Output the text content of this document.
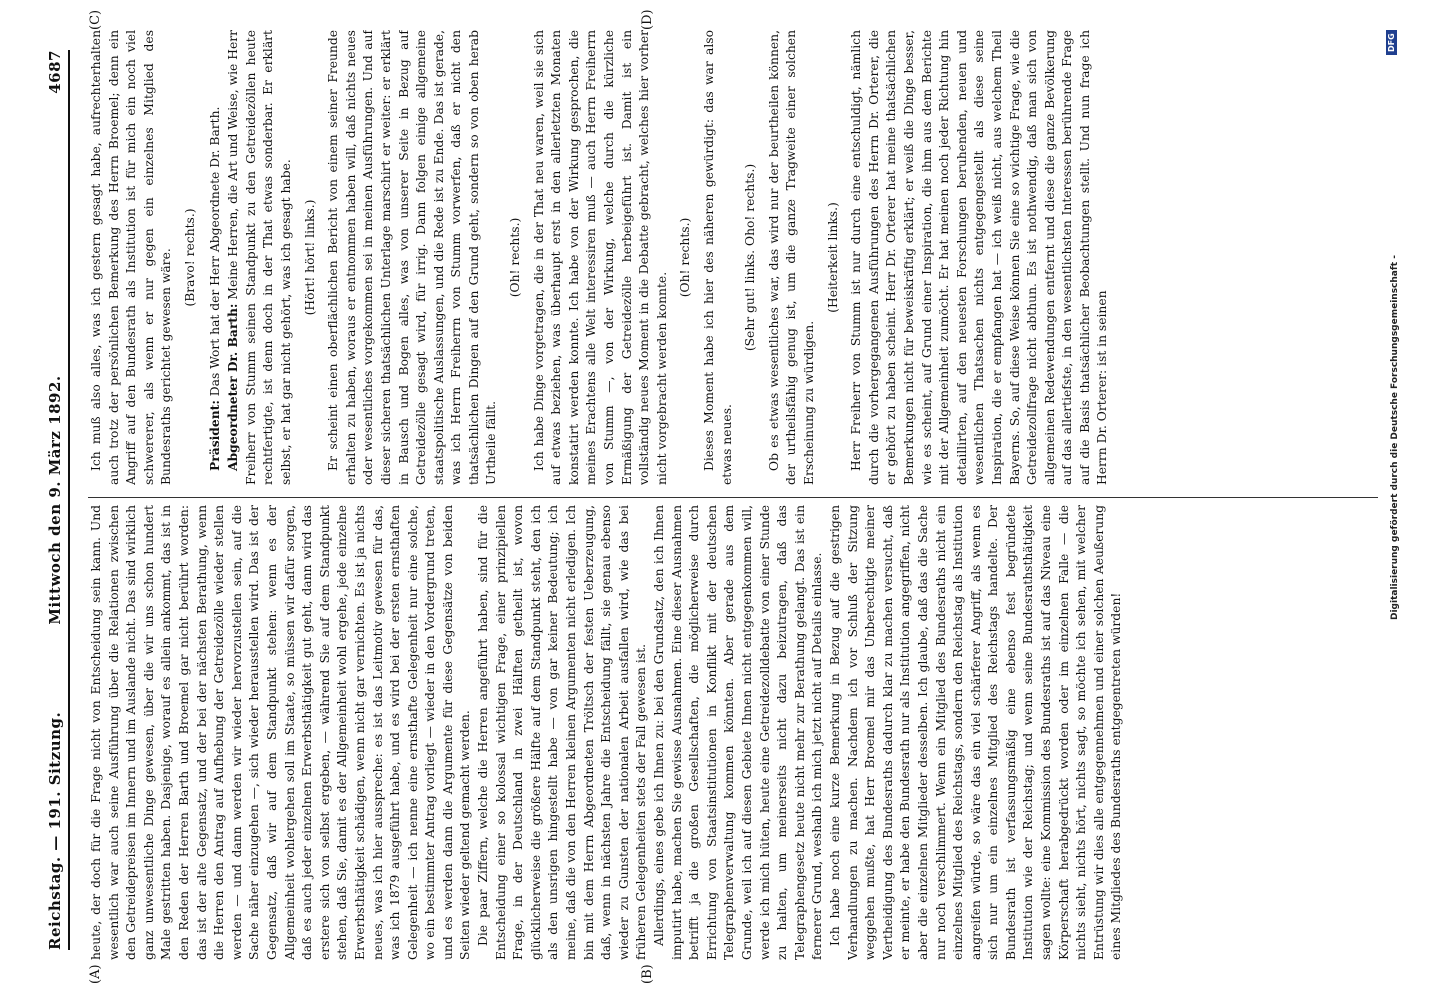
Reichstag. — 191. Sitzung.
Mittwoch den 9. März 1892.
4687
(A)	(B)
(C)	(D)

heute, der doch für die Frage nicht von Entscheidung sein kann. Und wesentlich war auch seine Ausführung über die Relationen zwischen den Getreidepreisen im Innern und im Auslande nicht. Das sind wirklich ganz unwesentliche Dinge gewesen, über die wir uns schon hundert Male gestritten haben. Dasjenige, worauf es allein ankommt, das ist in den Reden der Herren Barth und Broemel gar nicht berührt worden: das ist der alte Gegensatz, und der bei der nächsten Berathung, wenn die Herren den Antrag auf Aufhebung der Getreidezölle wieder stellen werden — und dann werden wir wieder hervorzustellen sein, auf die Sache näher einzugehen —, sich wieder herausstellen wird. Das ist der Gegensatz, daß wir auf dem Standpunkt stehen: wenn es der Allgemeinheit wohlergehen soll im Staate, so müssen wir dafür sorgen, daß es auch jeder einzelnen Erwerbsthätigkeit gut geht, dann wird das erstere sich von selbst ergeben, — während Sie auf dem Standpunkt stehen, daß Sie, damit es der Allgemeinheit wohl ergehe, jede einzelne Erwerbsthätigkeit schädigen, wenn nicht gar vernichten. Es ist ja nichts neues, was ich hier ausspreche: es ist das Leitmotiv gewesen für das, was ich 1879 ausgeführt habe, und es wird bei der ersten ernsthaften Gelegenheit — ich nenne eine ernsthafte Gelegenheit nur eine solche, wo ein bestimmter Antrag vorliegt — wieder in den Vordergrund treten, und es werden dann die Argumente für diese Gegensätze von beiden Seiten wieder geltend gemacht werden. Die paar Ziffern, welche die Herren angeführt haben, sind für die Entscheidung einer so kolossal wichtigen Frage, einer prinzipiellen Frage, in der Deutschland in zwei Hälften getheilt ist, wovon glücklicherweise die größere Hälfte auf dem Standpunkt steht, den ich als den unsrigen hingestellt habe — von gar keiner Bedeutung; ich meine, daß die von den Herren kleinen Argumenten nicht erledigen. Ich bin mit dem Herrn Abgeordneten Tröltsch der festen Ueberzeugung, daß, wenn in nächsten Jahre die Entscheidung fällt, sie genau ebenso wieder zu Gunsten der nationalen Arbeit ausfallen wird, wie das bei früheren Gelegenheiten stets der Fall gewesen ist. Allerdings, eines gebe ich Ihnen zu: bei den Grundsatz, den ich Ihnen imputirt habe, machen Sie gewisse Ausnahmen. Eine dieser Ausnahmen betrifft ja die großen Gesellschaften, die möglicherweise durch Errichtung von Staatsinstitutionen in Konflikt mit der deutschen Telegraphenverwaltung kommen könnten. Aber gerade aus dem Grunde, weil ich auf diesen Gebiete Ihnen nicht entgegenkommen will, werde ich mich hüten, heute eine Getreidezolldebatte von einer Stunde zu halten, um meinerseits nicht dazu beizutragen, daß das Telegraphengesetz heute nicht mehr zur Berathung gelangt. Das ist ein fernerer Grund, weshalb ich mich jetzt nicht auf Details einlasse. Ich habe noch eine kurze Bemerkung in Bezug auf die gestrigen Verhandlungen zu machen. Nachdem ich vor Schluß der Sitzung weggehen mußte, hat Herr Broemel mir das Unberechtigte meiner Vertheidigung des Bundesraths dadurch klar zu machen versucht, daß er meinte, er habe den Bundesrath nur als Institution angegriffen, nicht aber die einzelnen Mitglieder desselben. Ich glaube, daß das die Sache nur noch verschlimmert. Wenn ein Mitglied des Bundesraths nicht ein einzelnes Mitglied des Reichstags, sondern den Reichstag als Institution angreifen würde, so wäre das ein viel schärferer Angriff, als wenn es sich nur um ein einzelnes Mitglied des Reichstags handelte. Der Bundesrath ist verfassungsmäßig eine ebenso fest begründete Institution wie der Reichstag; und wenn seine Bundesrathsthätigkeit sagen wollte: eine Kommission des Bundesraths ist auf das Niveau eine Körperschaft herabgedrückt worden oder im einzelnen Falle — die nichts sieht, nichts hört, nichts sagt, so möchte ich sehen, mit welcher Entrüstung wir dies alle entgegennehmen und einer solchen Aeußerung eines Mitgliedes des Bundesraths entgegentreten würden!

Ich muß also alles, was ich gestern gesagt habe, aufrechterhalten auch trotz der persönlichen Bemerkung des Herrn Broemel; denn ein Angriff auf den Bundesrath als Institution ist für mich ein noch viel schwererer, als wenn er nur gegen ein einzelnes Mitglied des Bundesraths gerichtet gewesen wäre. (Bravo! rechts.)

Präsident: Das Wort hat der Herr Abgeordnete Dr. Barth. Abgeordneter Dr. Barth: Meine Herren, die Art und Weise, wie Herr Freiherr von Stumm seinen Standpunkt zu den Getreidezöllen heute rechtfertigte, ist denn doch in der That etwas sonderbar. Er erklärt selbst, er hat gar nicht gehört, was ich gesagt habe. (Hört! hört! links.) Er scheint einen oberflächlichen Bericht von einem seiner Freunde erhalten zu haben, woraus er entnommen haben will, daß nichts neues oder wesentliches vorgekommen sei in meinen Ausführungen. Und auf dieser sicheren thatsächlichen Unterlage marschirt er weiter: er erklärt in Bausch und Bogen alles, was von unserer Seite in Bezug auf Getreidezölle gesagt wird, für irrig. Dann folgen einige allgemeine staatspolitische Auslassungen, und die Rede ist zu Ende. Das ist gerade, was ich Herrn Freiherrn von Stumm vorwerfen, daß er nicht den thatsächlichen Dingen auf den Grund geht, sondern so von oben herab Urtheile fällt.

(Oh! rechts.) Ich habe Dinge vorgetragen, die in der That neu waren, weil sie sich auf etwas beziehen, was überhaupt erst in den allerletzten Monaten konstatirt werden konnte. Ich habe von der Wirkung gesprochen, die meines Erachtens alle Welt interessiren muß — auch Herrn Freiherrn von Stumm —, von der Wirkung, welche durch die kürzliche Ermäßigung der Getreidezölle herbeigeführt ist. Damit ist ein vollständig neues Moment in die Debatte gebracht, welches hier vorher nicht vorgebracht werden konnte.

(Oh! rechts.) Dieses Moment habe ich hier des näheren gewürdigt: das war also etwas neues.

(Sehr gut! links. Oho! rechts.) Ob es etwas wesentliches war, das wird nur der beurtheilen können, der urtheilsfähig genug ist, um die ganze Tragweite einer solchen Erscheinung zu würdigen.

(Heiterkeit links.) Herr Freiherr von Stumm ist nur durch eine entschuldigt, nämlich durch die vorhergegangenen Ausführungen des Herrn Dr. Orterer, die er gehört zu haben scheint. Herr Dr. Orterer hat meine thatsächlichen Bemerkungen nicht für beweiskräftig erklärt; er weiß die Dinge besser, wie es scheint, auf Grund einer Inspiration, die ihm aus dem Berichte mit der Allgemeinheit zumöcht. Er hat meinen noch jeder Richtung hin detaillirten, auf den neuesten Forschungen beruhenden, neuen und wesentlichen Thatsachen nichts entgegengestellt als diese seine Inspiration, die er empfangen hat — ich weiß nicht, aus welchem Theil Bayerns. So, auf diese Weise können Sie eine so wichtige Frage, wie die Getreidezollfrage nicht abthun. Es ist nothwendig, daß man sich von allgemeinen Redewendungen entfernt und diese die ganze Bevölkerung auf das allertiefste, in den wesentlichsten Interessen berührende Frage auf die Basis thatsächlicher Beobachtungen stellt. Und nun frage ich Herrn Dr. Orterer: ist in seinen	Digitalisierung gefördert durch die Deutsche Forschungsgemeinschaft -
DFG
